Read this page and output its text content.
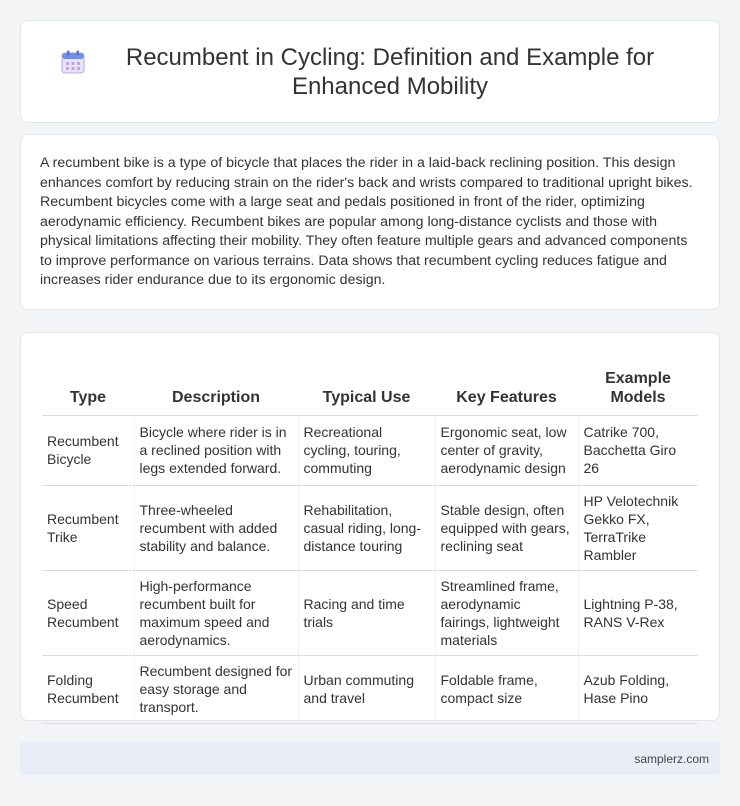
Recumbent in Cycling: Definition and Example for Enhanced Mobility

A recumbent bike is a type of bicycle that places the rider in a laid-back reclining position. This design enhances comfort by reducing strain on the rider's back and wrists compared to traditional upright bikes. Recumbent bicycles come with a large seat and pedals positioned in front of the rider, optimizing aerodynamic efficiency. Recumbent bikes are popular among long-distance cyclists and those with physical limitations affecting their mobility. They often feature multiple gears and advanced components to improve performance on various terrains. Data shows that recumbent cycling reduces fatigue and increases rider endurance due to its ergonomic design.

Type	Description	Typical Use	Key Features	Example Models
Recumbent Bicycle	Bicycle where rider is in a reclined position with legs extended forward.	Recreational cycling, touring, commuting	Ergonomic seat, low center of gravity, aerodynamic design	Catrike 700, Bacchetta Giro 26
Recumbent Trike	Three-wheeled recumbent with added stability and balance.	Rehabilitation, casual riding, long-distance touring	Stable design, often equipped with gears, reclining seat	HP Velotechnik Gekko FX, TerraTrike Rambler
Speed Recumbent	High-performance recumbent built for maximum speed and aerodynamics.	Racing and time trials	Streamlined frame, aerodynamic fairings, lightweight materials	Lightning P-38, RANS V-Rex
Folding Recumbent	Recumbent designed for easy storage and transport.	Urban commuting and travel	Foldable frame, compact size	Azub Folding, Hase Pino
samplerz.com
